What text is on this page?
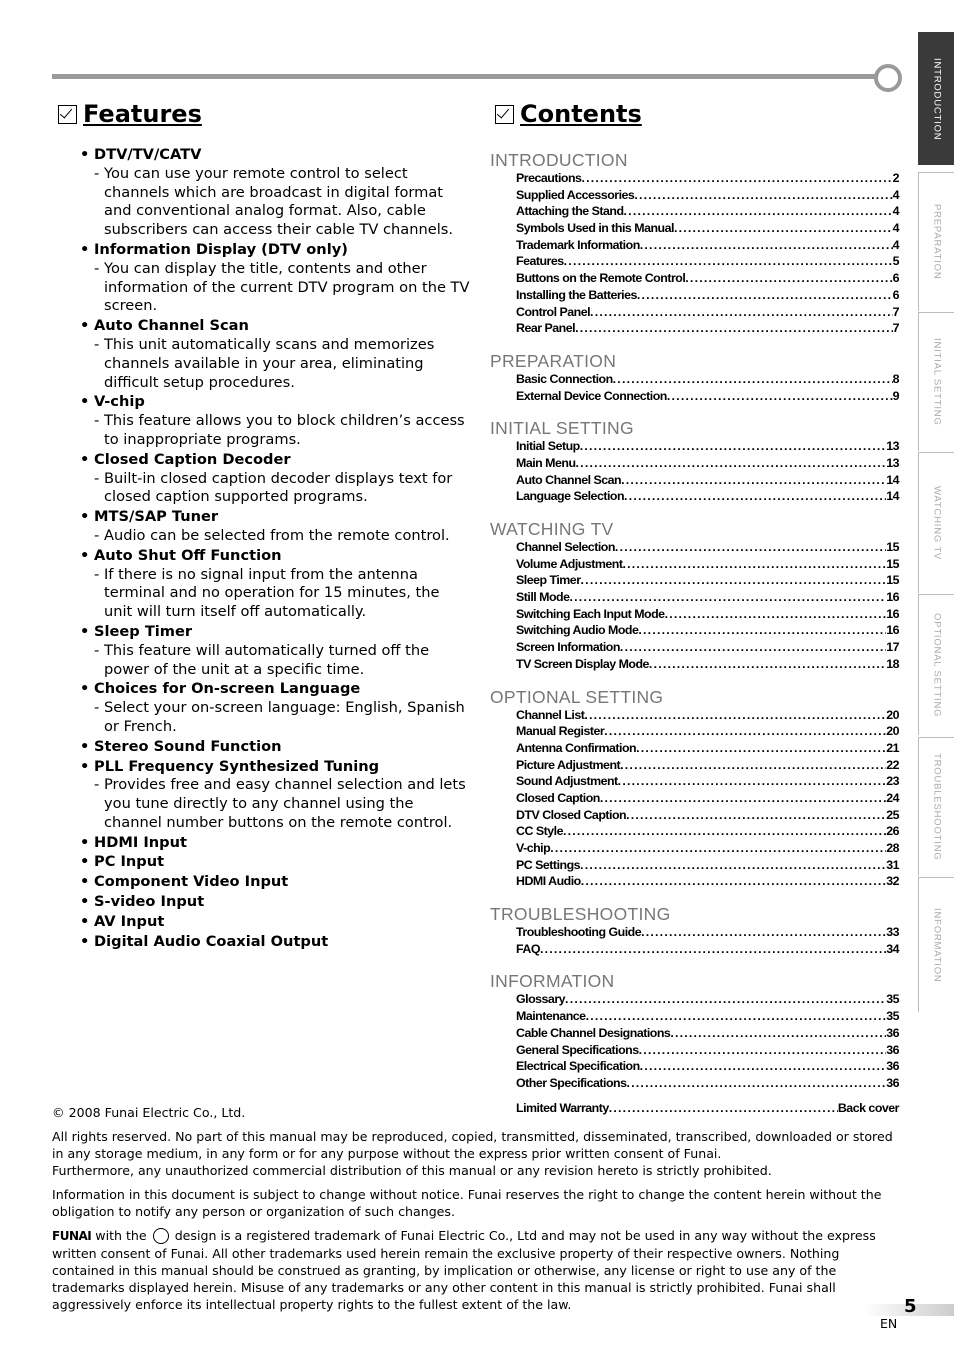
Features	Contents
• DTV/TV/CATV
- You can use your remote control to select channels which are broadcast in digital format and conventional analog format. Also, cable subscribers can access their cable TV channels.
• Information Display (DTV only)
- You can display the title, contents and other information of the current DTV program on the TV screen.
• Auto Channel Scan
- This unit automatically scans and memorizes channels available in your area, eliminating difficult setup procedures.
• V-chip
- This feature allows you to block children’s access to inappropriate programs.
• Closed Caption Decoder
- Built-in closed caption decoder displays text for closed caption supported programs.
• MTS/SAP Tuner
- Audio can be selected from the remote control.
• Auto Shut Off Function
- If there is no signal input from the antenna terminal and no operation for 15 minutes, the unit will turn itself off automatically.
• Sleep Timer
- This feature will automatically turned off the power of the unit at a specific time.
• Choices for On-screen Language
- Select your on-screen language: English, Spanish or French.
• Stereo Sound Function
• PLL Frequency Synthesized Tuning
- Provides free and easy channel selection and lets you tune directly to any channel using the channel number buttons on the remote control.
• HDMI Input
• PC Input
• Component Video Input
• S-video Input
• AV Input
• Digital Audio Coaxial Output
INTRODUCTION
Precautions .....	2
Supplied Accessories .....	4
Attaching the Stand .....	4
Symbols Used in this Manual .....	4
Trademark Information .....	4
Features .....	5
Buttons on the Remote Control .....	6
Installing the Batteries .....	6
Control Panel .....	7
Rear Panel .....	7
PREPARATION
Basic Connection .....	8
External Device Connection .....	9
INITIAL SETTING
Initial Setup .....	13
Main Menu .....	13
Auto Channel Scan .....	14
Language Selection .....	14
WATCHING TV
Channel Selection .....	15
Volume Adjustment .....	15
Sleep Timer .....	15
Still Mode .....	16
Switching Each Input Mode .....	16
Switching Audio Mode .....	16
Screen Information .....	17
TV Screen Display Mode .....	18
OPTIONAL SETTING
Channel List .....	20
Manual Register .....	20
Antenna Confirmation .....	21
Picture Adjustment .....	22
Sound Adjustment .....	23
Closed Caption .....	24
DTV Closed Caption .....	25
CC Style .....	26
V-chip .....	28
PC Settings .....	31
HDMI Audio .....	32
TROUBLESHOOTING
Troubleshooting Guide .....	33
FAQ .....	34
INFORMATION
Glossary .....	35
Maintenance .....	35
Cable Channel Designations .....	36
General Specifications .....	36
Electrical Specification .....	36
Other Specifications .....	36
Limited Warranty .....	Back cover
INTRODUCTION
PREPARATION
INITIAL SETTING
WATCHING TV
OPTIONAL SETTING
TROUBLESHOOTING
INFORMATION
© 2008 Funai Electric Co., Ltd.
All rights reserved. No part of this manual may be reproduced, copied, transmitted, disseminated, transcribed, downloaded or stored in any storage medium, in any form or for any purpose without the express prior written consent of Funai.
Furthermore, any unauthorized commercial distribution of this manual or any revision hereto is strictly prohibited.
Information in this document is subject to change without notice. Funai reserves the right to change the content herein without the obligation to notify any person or organization of such changes.
FUNAI with the design is a registered trademark of Funai Electric Co., Ltd and may not be used in any way without the express written consent of Funai. All other trademarks used herein remain the exclusive property of their respective owners. Nothing contained in this manual should be construed as granting, by implication or otherwise, any license or right to use any of the trademarks displayed herein. Misuse of any trademarks or any other content in this manual is strictly prohibited. Funai shall aggressively enforce its intellectual property rights to the fullest extent of the law.	5
EN
